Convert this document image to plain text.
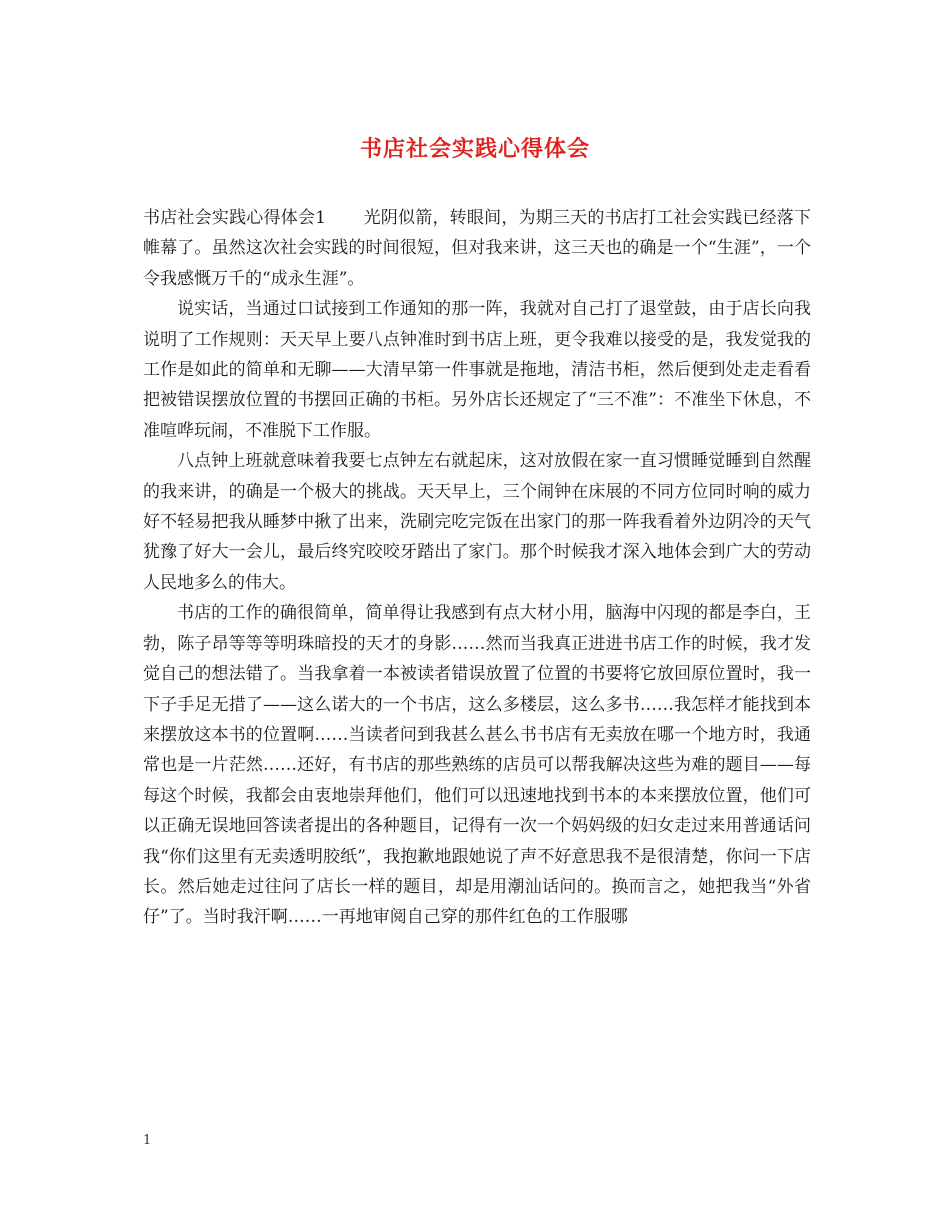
书店社会实践心得体会

书店社会实践心得体会1 光阴似箭，转眼间，为期三天的书店打工社会实践已经落下帷幕了。虽然这次社会实践的时间很短，但对我来讲，这三天也的确是一个“生涯”，一个令我感慨万千的“成永生涯”。

说实话，当通过口试接到工作通知的那一阵，我就对自己打了退堂鼓，由于店长向我说明了工作规则：天天早上要八点钟准时到书店上班，更令我难以接受的是，我发觉我的工作是如此的简单和无聊——大清早第一件事就是拖地，清洁书柜，然后便到处走走看看把被错误摆放位置的书摆回正确的书柜。另外店长还规定了“三不准”：不准坐下休息，不准喧哗玩闹，不准脱下工作服。

八点钟上班就意味着我要七点钟左右就起床，这对放假在家一直习惯睡觉睡到自然醒的我来讲，的确是一个极大的挑战。天天早上，三个闹钟在床展的不同方位同时响的威力好不轻易把我从睡梦中揪了出来，洗刷完吃完饭在出家门的那一阵我看着外边阴冷的天气犹豫了好大一会儿，最后终究咬咬牙踏出了家门。那个时候我才深入地体会到广大的劳动人民地多么的伟大。

书店的工作的确很简单，简单得让我感到有点大材小用，脑海中闪现的都是李白，王勃，陈子昂等等等明珠暗投的天才的身影……然而当我真正进进书店工作的时候，我才发觉自己的想法错了。当我拿着一本被读者错误放置了位置的书要将它放回原位置时，我一下子手足无措了——这么诺大的一个书店，这么多楼层，这么多书……我怎样才能找到本来摆放这本书的位置啊……当读者问到我甚么甚么书书店有无卖放在哪一个地方时，我通常也是一片茫然……还好，有书店的那些熟练的店员可以帮我解决这些为难的题目——每每这个时候，我都会由衷地崇拜他们，他们可以迅速地找到书本的本来摆放位置，他们可以正确无误地回答读者提出的各种题目，记得有一次一个妈妈级的妇女走过来用普通话问我“你们这里有无卖透明胶纸”，我抱歉地跟她说了声不好意思我不是很清楚，你问一下店长。然后她走过往问了店长一样的题目，却是用潮汕话问的。换而言之，她把我当“外省仔”了。当时我汗啊……一再地审阅自己穿的那件红色的工作服哪

1
